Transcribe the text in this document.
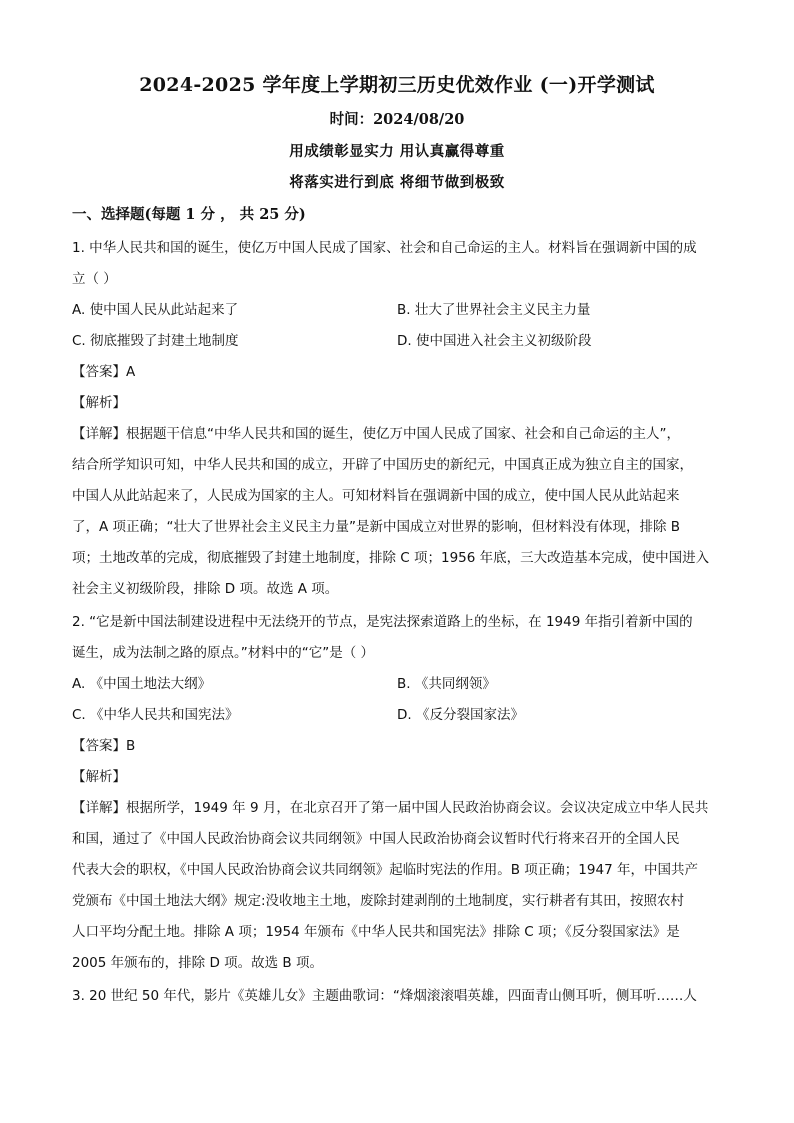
2024-2025 学年度上学期初三历史优效作业 (一)开学测试
时间：2024/08/20
用成绩彰显实力 用认真赢得尊重
将落实进行到底 将细节做到极致
一、选择题(每题 1 分 ， 共 25 分)
1. 中华人民共和国的诞生，使亿万中国人民成了国家、社会和自己命运的主人。材料旨在强调新中国的成
立（ ）
A. 使中国人民从此站起来了	B. 壮大了世界社会主义民主力量
C. 彻底摧毁了封建土地制度	D. 使中国进入社会主义初级阶段
【答案】A
【解析】
【详解】根据题干信息“中华人民共和国的诞生，使亿万中国人民成了国家、社会和自己命运的主人”，
结合所学知识可知，中华人民共和国的成立，开辟了中国历史的新纪元，中国真正成为独立自主的国家，
中国人从此站起来了，人民成为国家的主人。可知材料旨在强调新中国的成立，使中国人民从此站起来
了，A 项正确；“壮大了世界社会主义民主力量”是新中国成立对世界的影响，但材料没有体现，排除 B
项；土地改革的完成，彻底摧毁了封建土地制度，排除 C 项；1956 年底，三大改造基本完成，使中国进入
社会主义初级阶段，排除 D 项。故选 A 项。
2. “它是新中国法制建设进程中无法绕开的节点，是宪法探索道路上的坐标，在 1949 年指引着新中国的
诞生，成为法制之路的原点。”材料中的“它”是（ ）
A. 《中国土地法大纲》	B. 《共同纲领》
C. 《中华人民共和国宪法》	D. 《反分裂国家法》
【答案】B
【解析】
【详解】根据所学，1949 年 9 月，在北京召开了第一届中国人民政治协商会议。会议决定成立中华人民共
和国，通过了《中国人民政治协商会议共同纲领》中国人民政治协商会议暂时代行将来召开的全国人民
代表大会的职权，《中国人民政治协商会议共同纲领》起临时宪法的作用。B 项正确；1947 年，中国共产
党颁布《中国土地法大纲》规定:没收地主土地，废除封建剥削的土地制度，实行耕者有其田，按照农村
人口平均分配土地。排除 A 项；1954 年颁布《中华人民共和国宪法》排除 C 项；《反分裂国家法》是
2005 年颁布的，排除 D 项。故选 B 项。
3. 20 世纪 50 年代，影片《英雄儿女》主题曲歌词：“烽烟滚滚唱英雄，四面青山侧耳听，侧耳听……人
